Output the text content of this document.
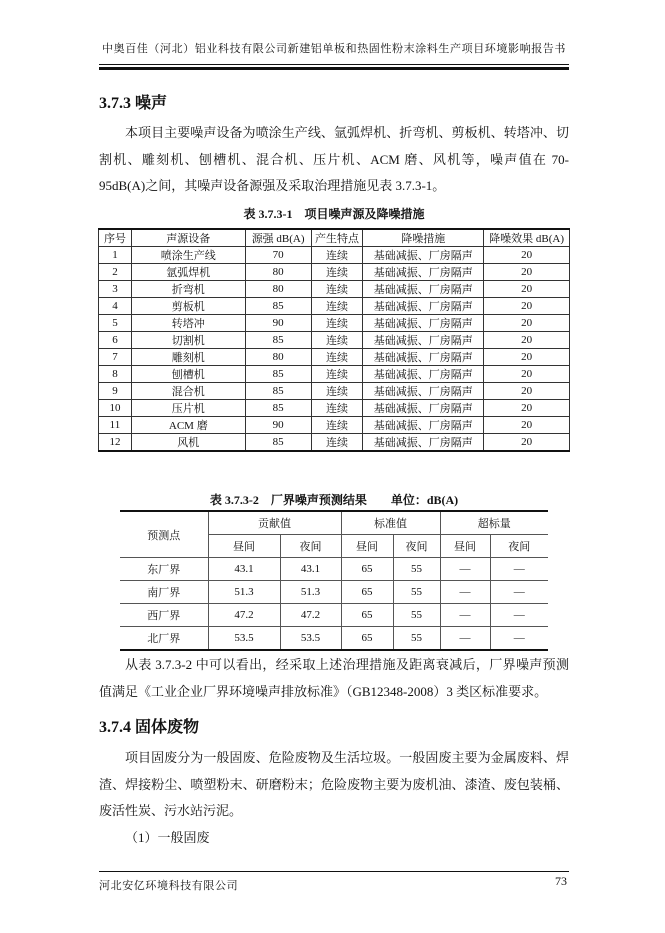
中奥百佳（河北）铝业科技有限公司新建铝单板和热固性粉末涂料生产项目环境影响报告书
3.7.3 噪声

本项目主要噪声设备为喷涂生产线、氩弧焊机、折弯机、剪板机、转塔冲、切割机、雕刻机、刨槽机、混合机、压片机、ACM 磨、风机等，噪声值在 70-95dB(A)之间，其噪声设备源强及采取治理措施见表 3.7.3-1。

表 3.7.3-1    项目噪声源及降噪措施
序号	声源设备	源强 dB(A)	产生特点	降噪措施	降噪效果 dB(A)
1	喷涂生产线	70	连续	基础减振、厂房隔声	20
2	氩弧焊机	80	连续	基础减振、厂房隔声	20
3	折弯机	80	连续	基础减振、厂房隔声	20
4	剪板机	85	连续	基础减振、厂房隔声	20
5	转塔冲	90	连续	基础减振、厂房隔声	20
6	切割机	85	连续	基础减振、厂房隔声	20
7	雕刻机	80	连续	基础减振、厂房隔声	20
8	刨槽机	85	连续	基础减振、厂房隔声	20
9	混合机	85	连续	基础减振、厂房隔声	20
10	压片机	85	连续	基础减振、厂房隔声	20
11	ACM 磨	90	连续	基础减振、厂房隔声	20
12	风机	85	连续	基础减振、厂房隔声	20
表 3.7.3-2    厂界噪声预测结果        单位：dB(A)
预测点	贡献值		标准值		超标量	
	昼间	夜间	昼间	夜间	昼间	夜间
东厂界	43.1	43.1	65	55	—	—
南厂界	51.3	51.3	65	55	—	—
西厂界	47.2	47.2	65	55	—	—
北厂界	53.5	53.5	65	55	—	—

从表 3.7.3-2 中可以看出，经采取上述治理措施及距离衰减后，厂界噪声预测值满足《工业企业厂界环境噪声排放标准》（GB12348-2008）3 类区标准要求。

3.7.4 固体废物

项目固废分为一般固废、危险废物及生活垃圾。一般固废主要为金属废料、焊渣、焊接粉尘、喷塑粉末、研磨粉末；危险废物主要为废机油、漆渣、废包装桶、废活性炭、污水站污泥。

（1）一般固废

河北安亿环境科技有限公司	73
